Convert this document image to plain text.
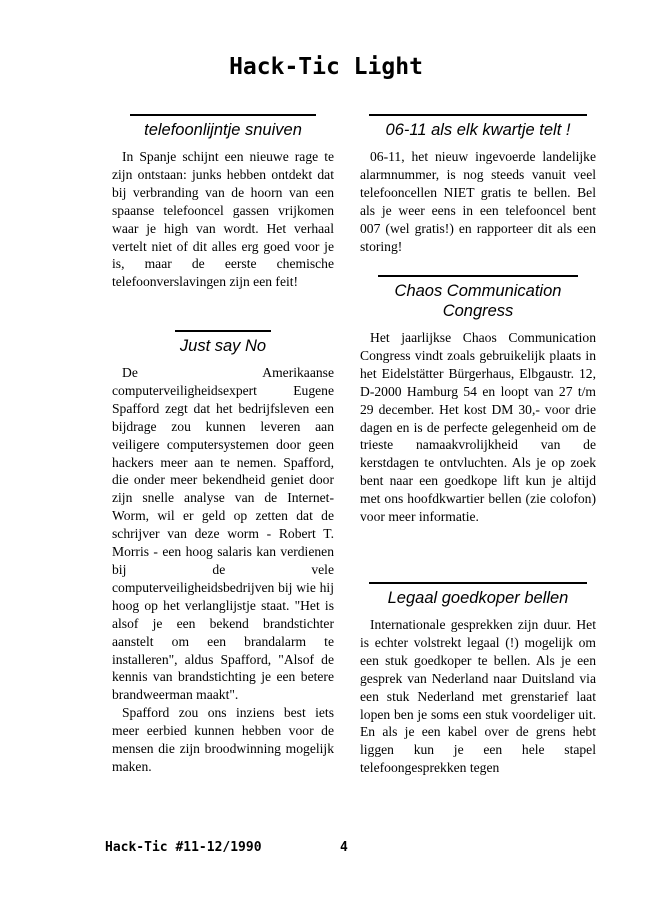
Hack-Tic Light
telefoonlijntje snuiven

In Spanje schijnt een nieuwe rage te zijn ontstaan: junks hebben ontdekt dat bij verbranding van de hoorn van een spaanse telefooncel gassen vrijkomen waar je high van wordt. Het verhaal vertelt niet of dit alles erg goed voor je is, maar de eerste chemische telefoonverslavingen zijn een feit!

Just say No

De Amerikaanse computerveiligheidsexpert Eugene Spafford zegt dat het bedrijfsleven een bijdrage zou kunnen leveren aan veiligere computersystemen door geen hackers meer aan te nemen. Spafford, die onder meer bekendheid geniet door zijn snelle analyse van de Internet-Worm, wil er geld op zetten dat de schrijver van deze worm - Robert T. Morris - een hoog salaris kan verdienen bij de vele computerveiligheidsbedrijven bij wie hij hoog op het verlanglijstje staat. "Het is alsof je een bekend brandstichter aanstelt om een brandalarm te installeren", aldus Spafford, "Alsof de kennis van brandstichting je een betere brandweerman maakt".

Spafford zou ons inziens best iets meer eerbied kunnen hebben voor de mensen die zijn broodwinning mogelijk maken.

06-11 als elk kwartje telt !

06-11, het nieuw ingevoerde landelijke alarmnummer, is nog steeds vanuit veel telefooncellen NIET gratis te bellen. Bel als je weer eens in een telefooncel bent 007 (wel gratis!) en rapporteer dit als een storing!

Chaos Communication
Congress

Het jaarlijkse Chaos Communication Congress vindt zoals gebruikelijk plaats in het Eidelstätter Bürgerhaus, Elbgaustr. 12, D-2000 Hamburg 54 en loopt van 27 t/m 29 december. Het kost DM 30,- voor drie dagen en is de perfecte gelegenheid om de trieste namaakvrolijkheid van de kerstdagen te ontvluchten. Als je op zoek bent naar een goedkope lift kun je altijd met ons hoofdkwartier bellen (zie colofon) voor meer informatie.

Legaal goedkoper bellen

Internationale gesprekken zijn duur. Het is echter volstrekt legaal (!) mogelijk om een stuk goedkoper te bellen. Als je een gesprek van Nederland naar Duitsland via een stuk Nederland met grenstarief laat lopen ben je soms een stuk voordeliger uit. En als je een kabel over de grens hebt liggen kun je een hele stapel telefoongesprekken tegen

Hack-Tic #11-12/1990	4
